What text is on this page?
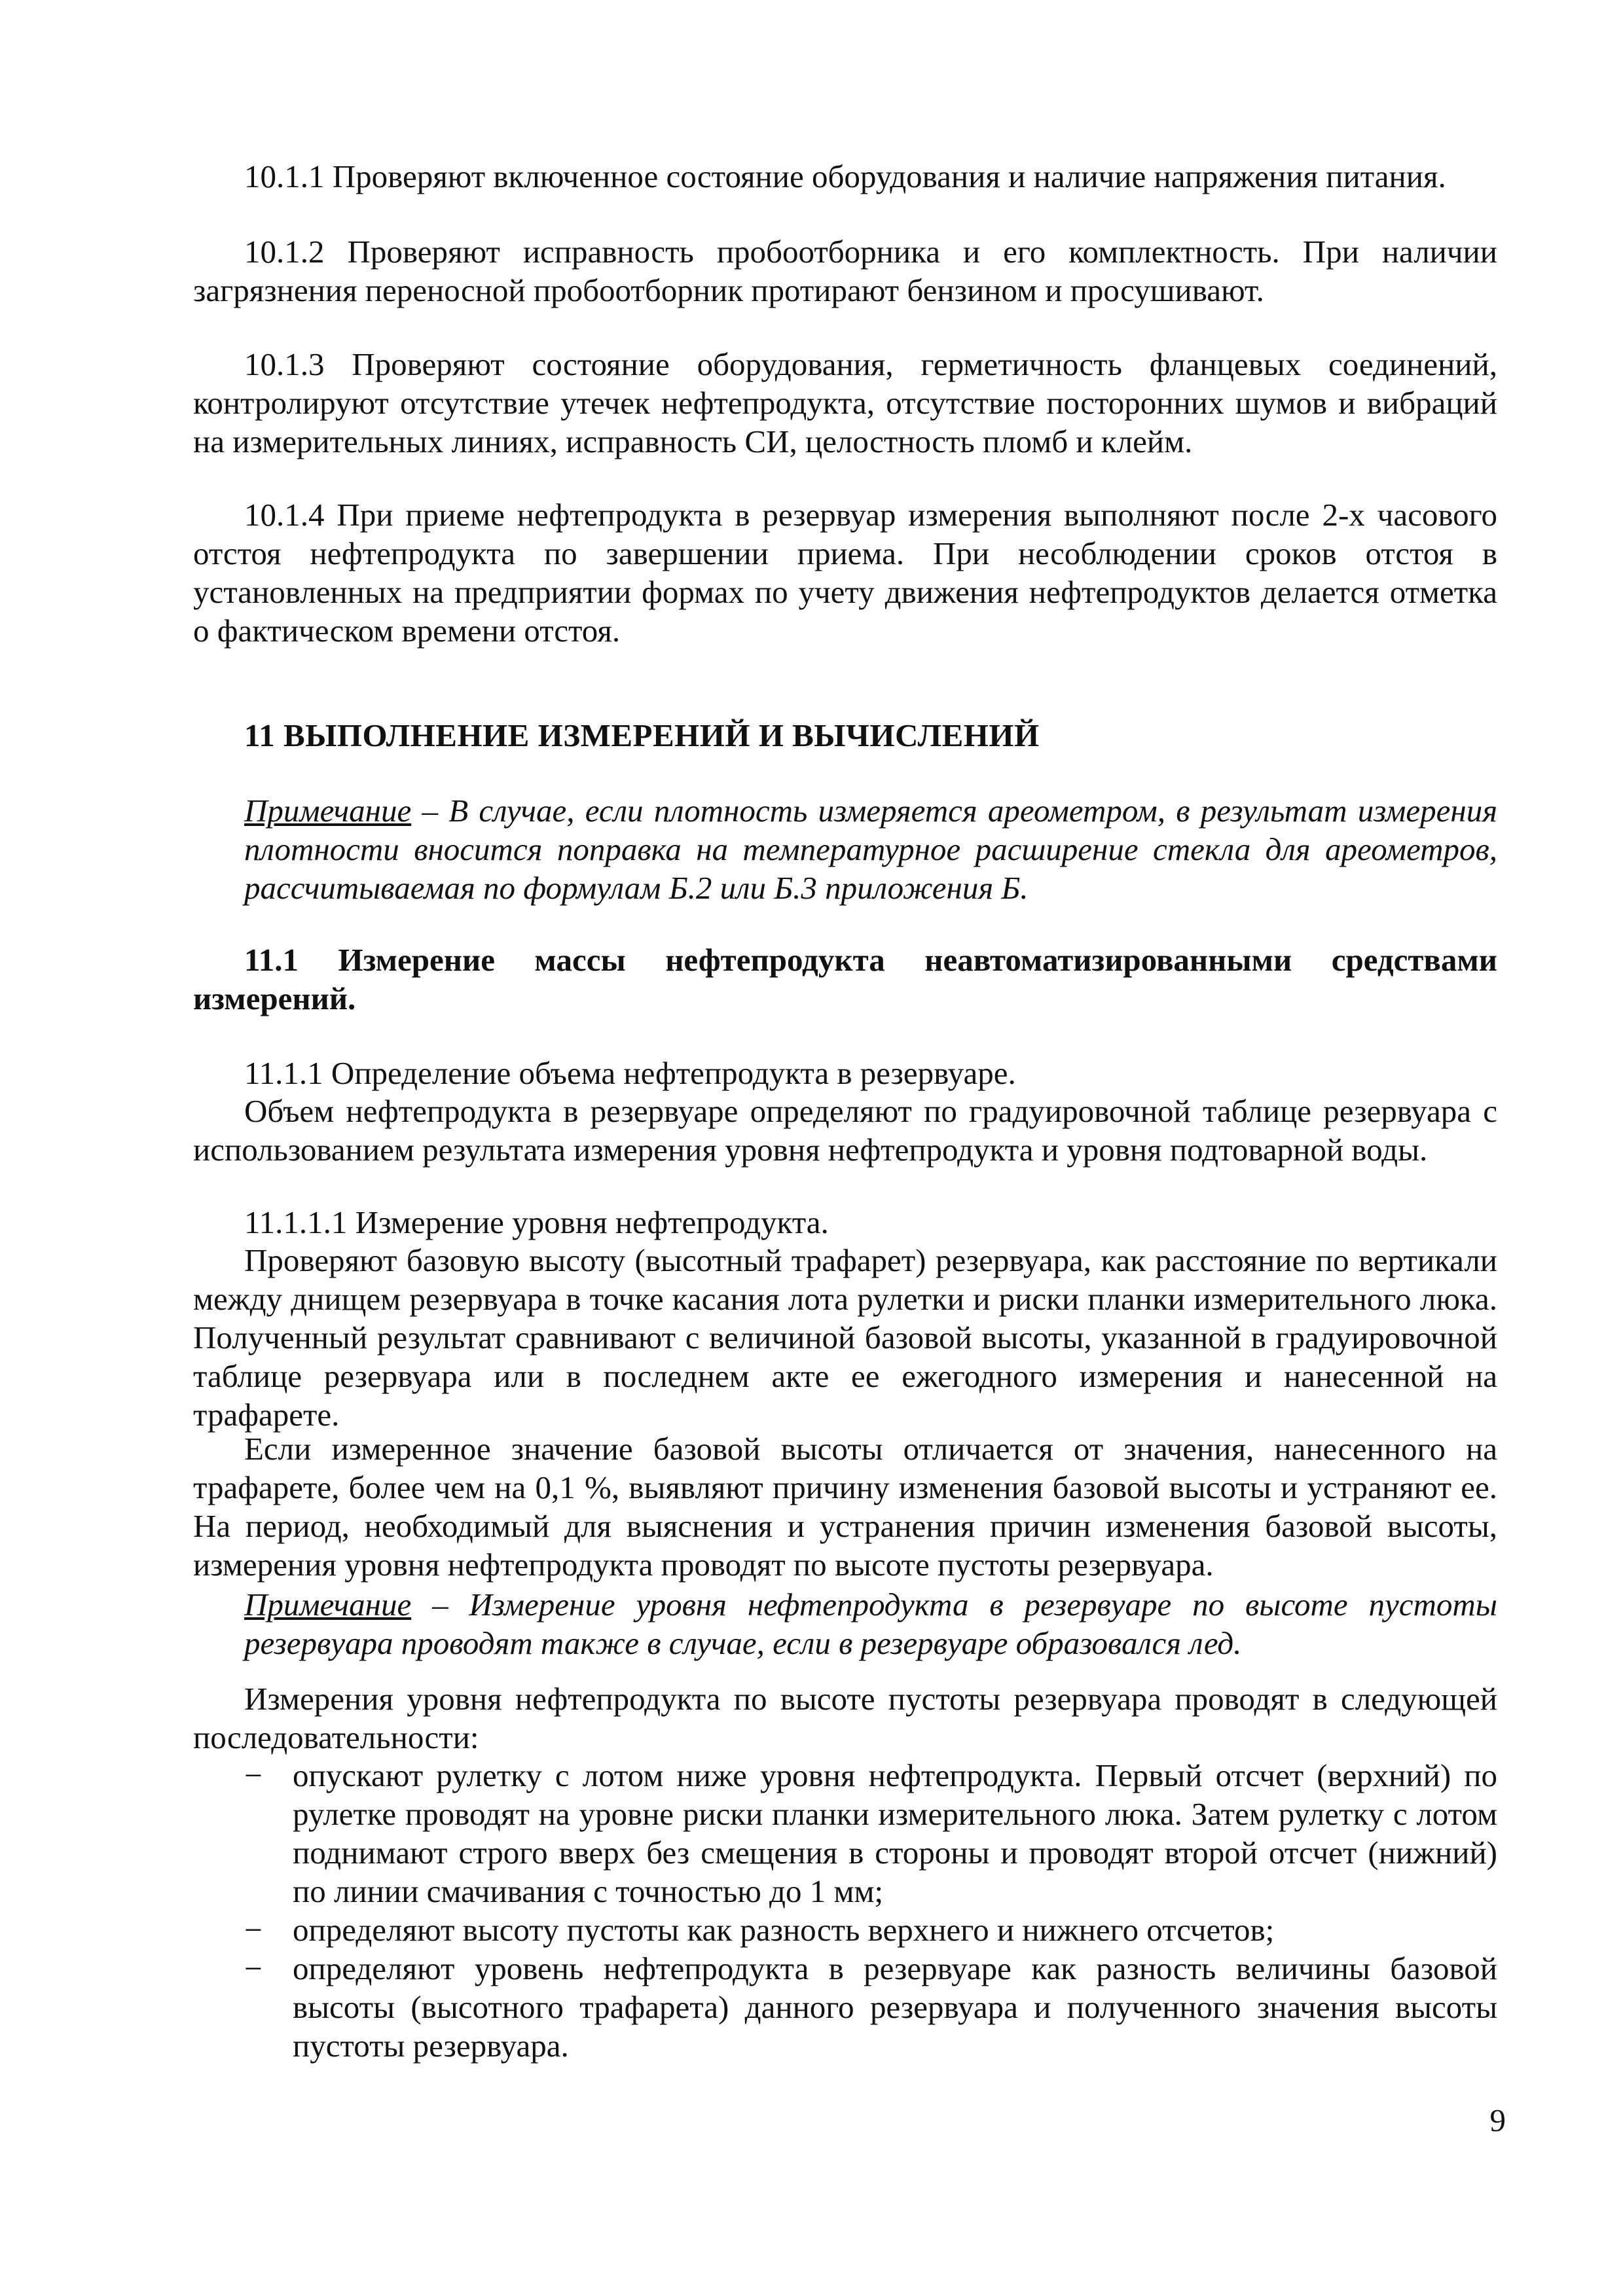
10.1.1 Проверяют включенное состояние оборудования и наличие напряжения питания.

10.1.2 Проверяют исправность пробоотборника и его комплектность. При наличии загрязнения переносной пробоотборник протирают бензином и просушивают.

10.1.3 Проверяют состояние оборудования, герметичность фланцевых соединений, контролируют отсутствие утечек нефтепродукта, отсутствие посторонних шумов и вибраций на измерительных линиях, исправность СИ, целостность пломб и клейм.

10.1.4 При приеме нефтепродукта в резервуар измерения выполняют после 2-х часового отстоя нефтепродукта по завершении приема. При несоблюдении сроков отстоя в установленных на предприятии формах по учету движения нефтепродуктов делается отметка о фактическом времени отстоя.

11 ВЫПОЛНЕНИЕ ИЗМЕРЕНИЙ И ВЫЧИСЛЕНИЙ

Примечание – В случае, если плотность измеряется ареометром, в результат измерения плотности вносится поправка на температурное расширение стекла для ареометров, рассчитываемая по формулам Б.2 или Б.3 приложения Б.

11.1 Измерение массы нефтепродукта неавтоматизированными средствами измерений.

11.1.1 Определение объема нефтепродукта в резервуаре.

Объем нефтепродукта в резервуаре определяют по градуировочной таблице резервуара с использованием результата измерения уровня нефтепродукта и уровня подтоварной воды.

11.1.1.1 Измерение уровня нефтепродукта.

Проверяют базовую высоту (высотный трафарет) резервуара, как расстояние по вертикали между днищем резервуара в точке касания лота рулетки и риски планки измерительного люка. Полученный результат сравнивают с величиной базовой высоты, указанной в градуировочной таблице резервуара или в последнем акте ее ежегодного измерения и нанесенной на трафарете.

Если измеренное значение базовой высоты отличается от значения, нанесенного на трафарете, более чем на 0,1 %, выявляют причину изменения базовой высоты и устраняют ее. На период, необходимый для выяснения и устранения причин изменения базовой высоты, измерения уровня нефтепродукта проводят по высоте пустоты резервуара.

Примечание – Измерение уровня нефтепродукта в резервуаре по высоте пустоты резервуара проводят также в случае, если в резервуаре образовался лед.

Измерения уровня нефтепродукта по высоте пустоты резервуара проводят в следующей последовательности:

− опускают рулетку с лотом ниже уровня нефтепродукта. Первый отсчет (верхний) по рулетке проводят на уровне риски планки измерительного люка. Затем рулетку с лотом поднимают строго вверх без смещения в стороны и проводят второй отсчет (нижний) по линии смачивания с точностью до 1 мм;
− определяют высоту пустоты как разность верхнего и нижнего отсчетов;
− определяют уровень нефтепродукта в резервуаре как разность величины базовой высоты (высотного трафарета) данного резервуара и полученного значения высоты пустоты резервуара.
9
